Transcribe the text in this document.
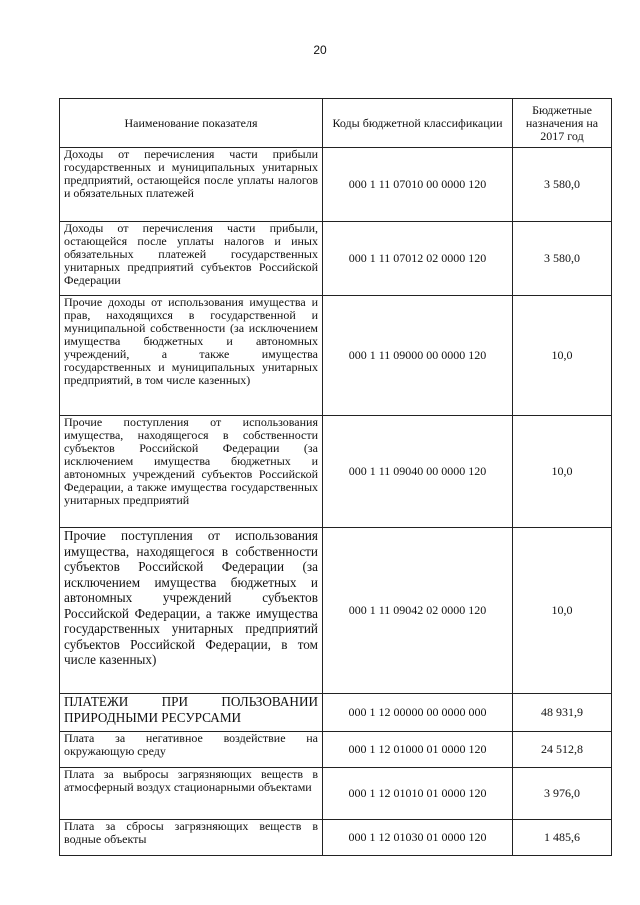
20
Наименование показателя	Коды бюджетной классификации	Бюджетные назначения на 2017 год
Доходы от перечисления части прибыли государственных и муниципальных унитарных предприятий, остающейся после уплаты налогов и обязательных платежей	000 1 11 07010 00 0000 120	3 580,0
Доходы от перечисления части прибыли, остающейся после уплаты налогов и иных обязательных платежей государственных унитарных предприятий субъектов Российской Федерации	000 1 11 07012 02 0000 120	3 580,0
Прочие доходы от использования имущества и прав, находящихся в государственной и муниципальной собственности (за исключением имущества бюджетных и автономных учреждений, а также имущества государственных и муниципальных унитарных предприятий, в том числе казенных)	000 1 11 09000 00 0000 120	10,0
Прочие поступления от использования имущества, находящегося в собственности субъектов Российской Федерации (за исключением имущества бюджетных и автономных учреждений субъектов Российской Федерации, а также имущества государственных унитарных предприятий	000 1 11 09040 00 0000 120	10,0
Прочие поступления от использования имущества, находящегося в собственности субъектов Российской Федерации (за исключением имущества бюджетных и автономных учреждений субъектов Российской Федерации, а также имущества государственных унитарных предприятий субъектов Российской Федерации, в том числе казенных)	000 1 11 09042 02 0000 120	10,0
ПЛАТЕЖИ ПРИ ПОЛЬЗОВАНИИ ПРИРОДНЫМИ РЕСУРСАМИ	000 1 12 00000 00 0000 000	48 931,9
Плата за негативное воздействие на окружающую среду	000 1 12 01000 01 0000 120	24 512,8
Плата за выбросы загрязняющих веществ в атмосферный воздух стационарными объектами	000 1 12 01010 01 0000 120	3 976,0
Плата за сбросы загрязняющих веществ в водные объекты	000 1 12 01030 01 0000 120	1 485,6
